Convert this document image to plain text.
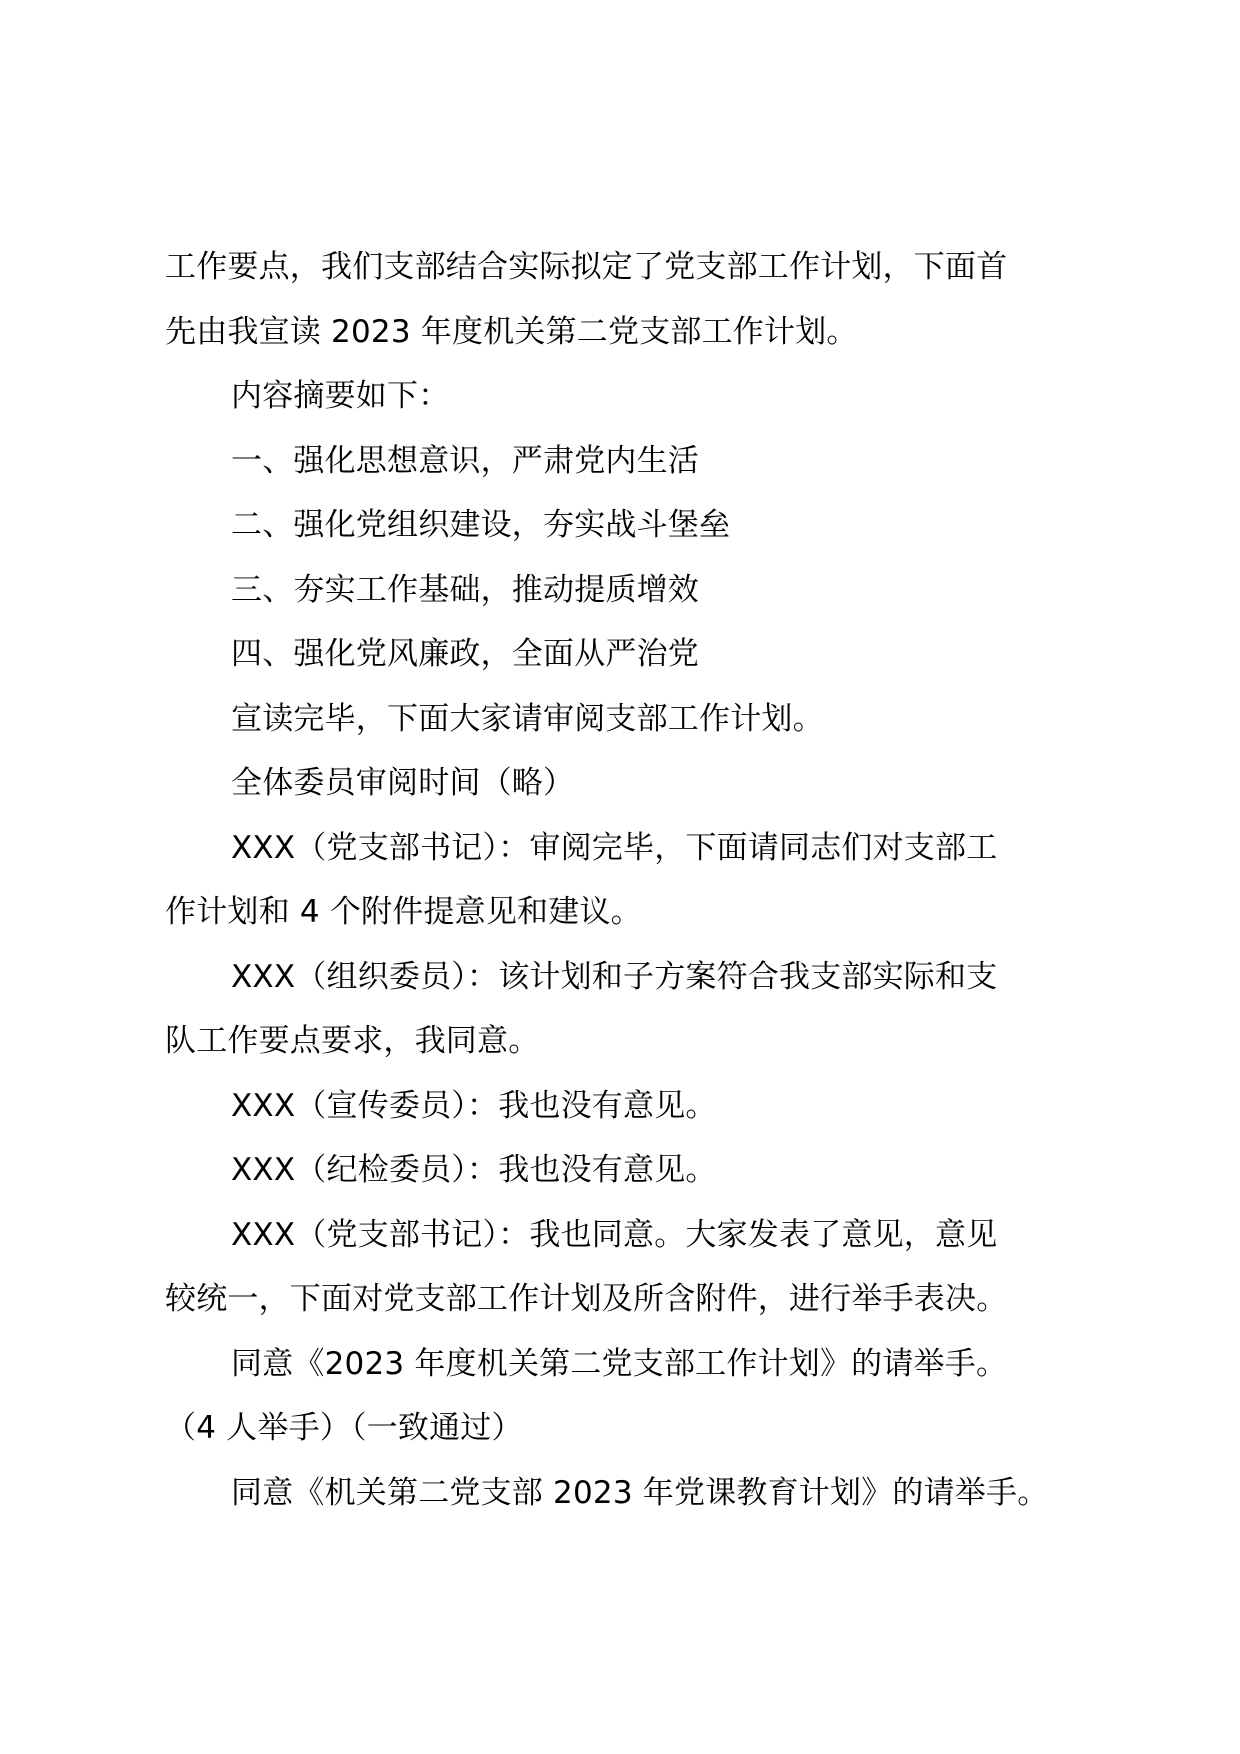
工作要点，我们支部结合实际拟定了党支部工作计划，下面首
先由我宣读 2023 年度机关第二党支部工作计划。
内容摘要如下：
一、强化思想意识，严肃党内生活
二、强化党组织建设，夯实战斗堡垒
三、夯实工作基础，推动提质增效
四、强化党风廉政，全面从严治党
宣读完毕，下面大家请审阅支部工作计划。
全体委员审阅时间（略）
XXX（党支部书记）：审阅完毕，下面请同志们对支部工
作计划和 4 个附件提意见和建议。
XXX（组织委员）：该计划和子方案符合我支部实际和支
队工作要点要求，我同意。
XXX（宣传委员）：我也没有意见。
XXX（纪检委员）：我也没有意见。
XXX（党支部书记）：我也同意。大家发表了意见，意见
较统一，下面对党支部工作计划及所含附件，进行举手表决。
同意《2023 年度机关第二党支部工作计划》的请举手。
（4 人举手）（一致通过）
同意《机关第二党支部 2023 年党课教育计划》的请举手。
